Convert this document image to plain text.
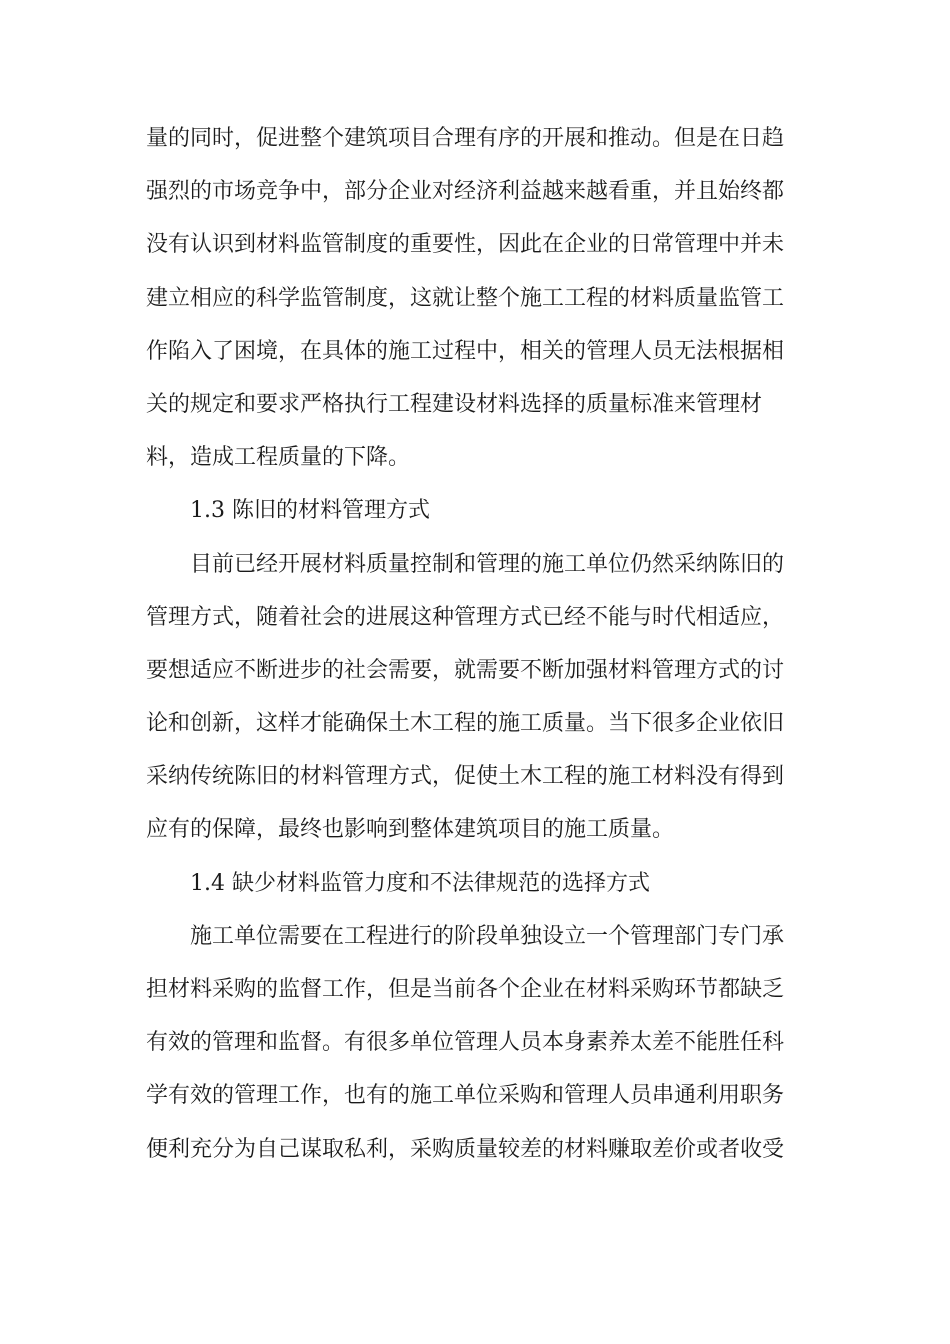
量的同时，促进整个建筑项目合理有序的开展和推动。但是在日趋
强烈的市场竞争中，部分企业对经济利益越来越看重，并且始终都
没有认识到材料监管制度的重要性，因此在企业的日常管理中并未
建立相应的科学监管制度，这就让整个施工工程的材料质量监管工
作陷入了困境，在具体的施工过程中，相关的管理人员无法根据相
关的规定和要求严格执行工程建设材料选择的质量标准来管理材
料，造成工程质量的下降。
1.3 陈旧的材料管理方式
目前已经开展材料质量控制和管理的施工单位仍然采纳陈旧的
管理方式，随着社会的进展这种管理方式已经不能与时代相适应，
要想适应不断进步的社会需要，就需要不断加强材料管理方式的讨
论和创新，这样才能确保土木工程的施工质量。当下很多企业依旧
采纳传统陈旧的材料管理方式，促使土木工程的施工材料没有得到
应有的保障，最终也影响到整体建筑项目的施工质量。
1.4 缺少材料监管力度和不法律规范的选择方式
施工单位需要在工程进行的阶段单独设立一个管理部门专门承
担材料采购的监督工作，但是当前各个企业在材料采购环节都缺乏
有效的管理和监督。有很多单位管理人员本身素养太差不能胜任科
学有效的管理工作，也有的施工单位采购和管理人员串通利用职务
便利充分为自己谋取私利，采购质量较差的材料赚取差价或者收受
